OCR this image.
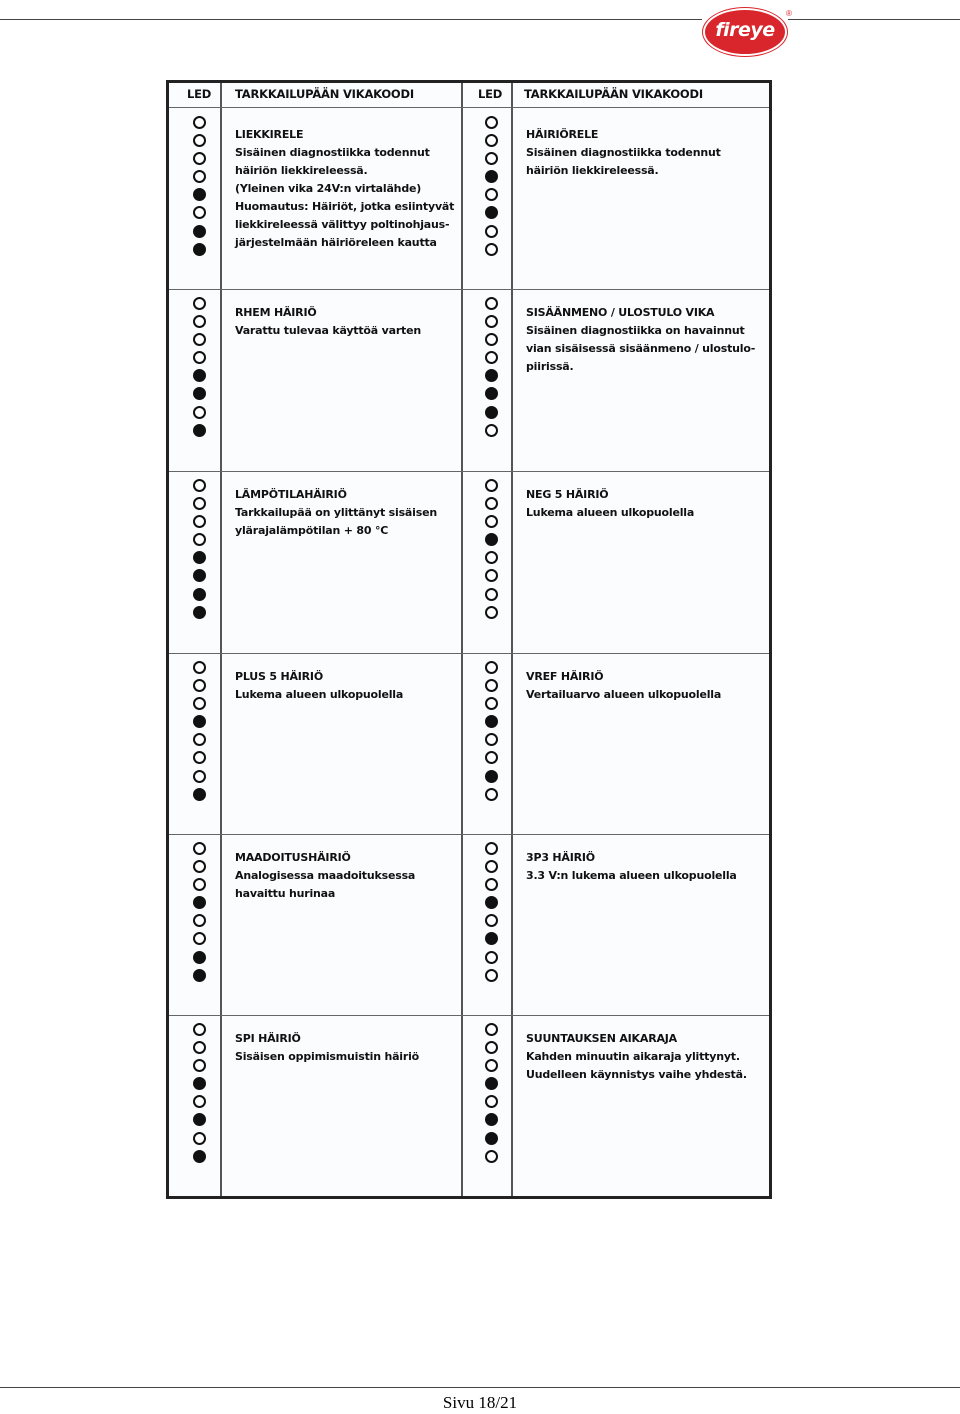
fireye
®
LED TARKKAILUPÄÄN VIKAKOODI	LED TARKKAILUPÄÄN VIKAKOODI
LIEKKIRELE
Sisäinen diagnostiikka todennut
häiriön liekkireleessä.
(Yleinen vika 24V:n virtalähde)
Huomautus: Häiriöt, jotka esiintyvät
liekkireleessä välittyy poltinohjaus-
järjestelmään häiriöreleen kautta
HÄIRIÖRELE
Sisäinen diagnostiikka todennut
häiriön liekkireleessä.
RHEM HÄIRIÖ
Varattu tulevaa käyttöä varten
SISÄÄNMENO / ULOSTULO VIKA
Sisäinen diagnostiikka on havainnut
vian sisäisessä sisäänmeno / ulostulo-
piirissä.
LÄMPÖTILAHÄIRIÖ
Tarkkailupää on ylittänyt sisäisen
ylärajalämpötilan + 80 °C
NEG 5 HÄIRIÖ
Lukema alueen ulkopuolella
PLUS 5 HÄIRIÖ
Lukema alueen ulkopuolella
VREF HÄIRIÖ
Vertailuarvo alueen ulkopuolella
MAADOITUSHÄIRIÖ
Analogisessa maadoituksessa
havaittu hurinaa
3P3 HÄIRIÖ
3.3 V:n lukema alueen ulkopuolella
SPI HÄIRIÖ
Sisäisen oppimismuistin häiriö
SUUNTAUKSEN AIKARAJA
Kahden minuutin aikaraja ylittynyt.
Uudelleen käynnistys vaihe yhdestä.
Sivu 18/21
